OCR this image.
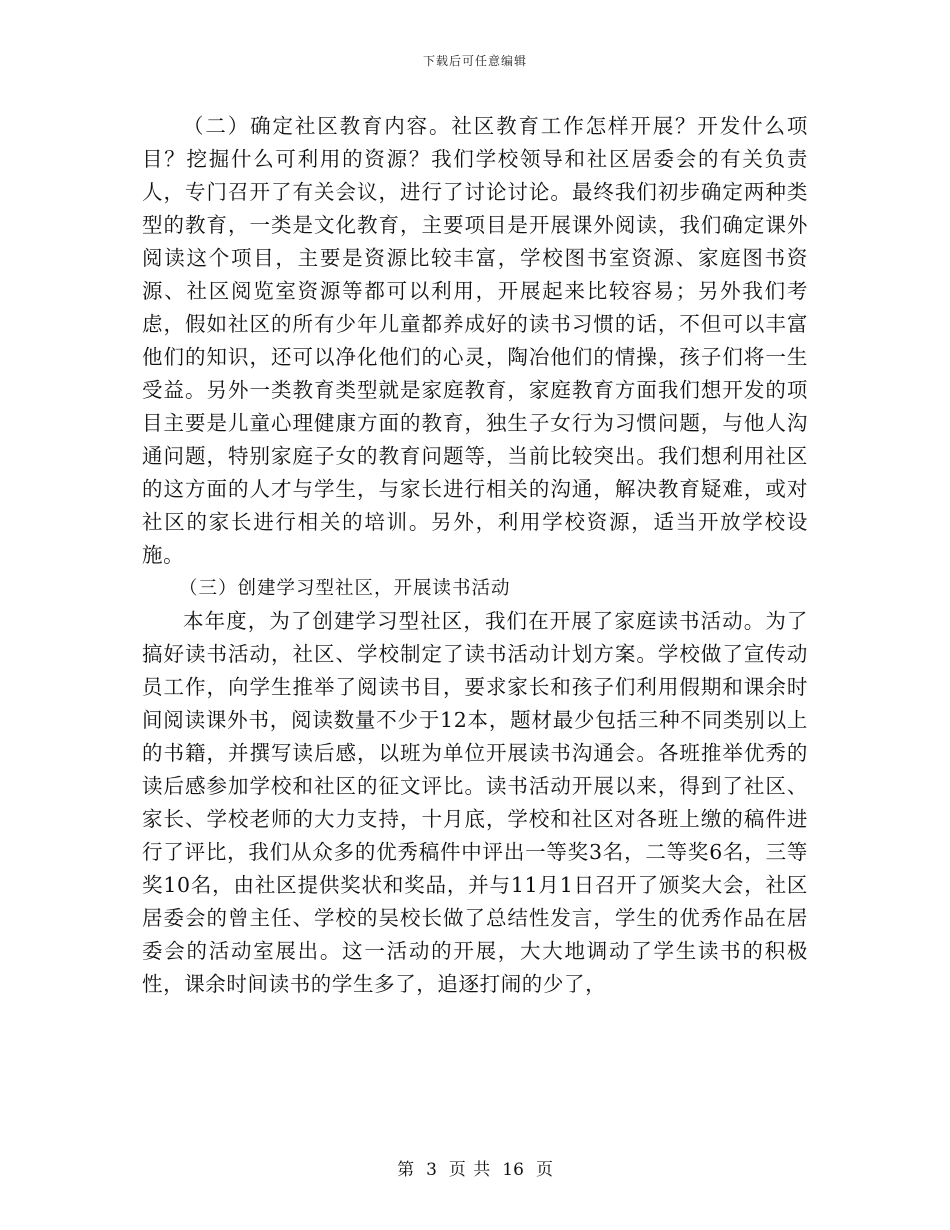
下载后可任意编辑

（二）确定社区教育内容。社区教育工作怎样开展？开发什么项目？挖掘什么可利用的资源？我们学校领导和社区居委会的有关负责人，专门召开了有关会议，进行了讨论讨论。最终我们初步确定两种类型的教育，一类是文化教育，主要项目是开展课外阅读，我们确定课外阅读这个项目，主要是资源比较丰富，学校图书室资源、家庭图书资源、社区阅览室资源等都可以利用，开展起来比较容易；另外我们考虑，假如社区的所有少年儿童都养成好的读书习惯的话，不但可以丰富他们的知识，还可以净化他们的心灵，陶冶他们的情操，孩子们将一生受益。另外一类教育类型就是家庭教育，家庭教育方面我们想开发的项目主要是儿童心理健康方面的教育，独生子女行为习惯问题，与他人沟通问题，特别家庭子女的教育问题等，当前比较突出。我们想利用社区的这方面的人才与学生，与家长进行相关的沟通，解决教育疑难，或对社区的家长进行相关的培训。另外，利用学校资源，适当开放学校设施。

（三）创建学习型社区，开展读书活动

本年度，为了创建学习型社区，我们在开展了家庭读书活动。为了搞好读书活动，社区、学校制定了读书活动计划方案。学校做了宣传动员工作，向学生推举了阅读书目，要求家长和孩子们利用假期和课余时间阅读课外书，阅读数量不少于12本，题材最少包括三种不同类别以上的书籍，并撰写读后感，以班为单位开展读书沟通会。各班推举优秀的读后感参加学校和社区的征文评比。读书活动开展以来，得到了社区、家长、学校老师的大力支持，十月底，学校和社区对各班上缴的稿件进行了评比，我们从众多的优秀稿件中评出一等奖3名，二等奖6名，三等奖10名，由社区提供奖状和奖品，并与11月1日召开了颁奖大会，社区居委会的曾主任、学校的吴校长做了总结性发言，学生的优秀作品在居委会的活动室展出。这一活动的开展，大大地调动了学生读书的积极性，课余时间读书的学生多了，追逐打闹的少了，

第 3 页 共 16 页
